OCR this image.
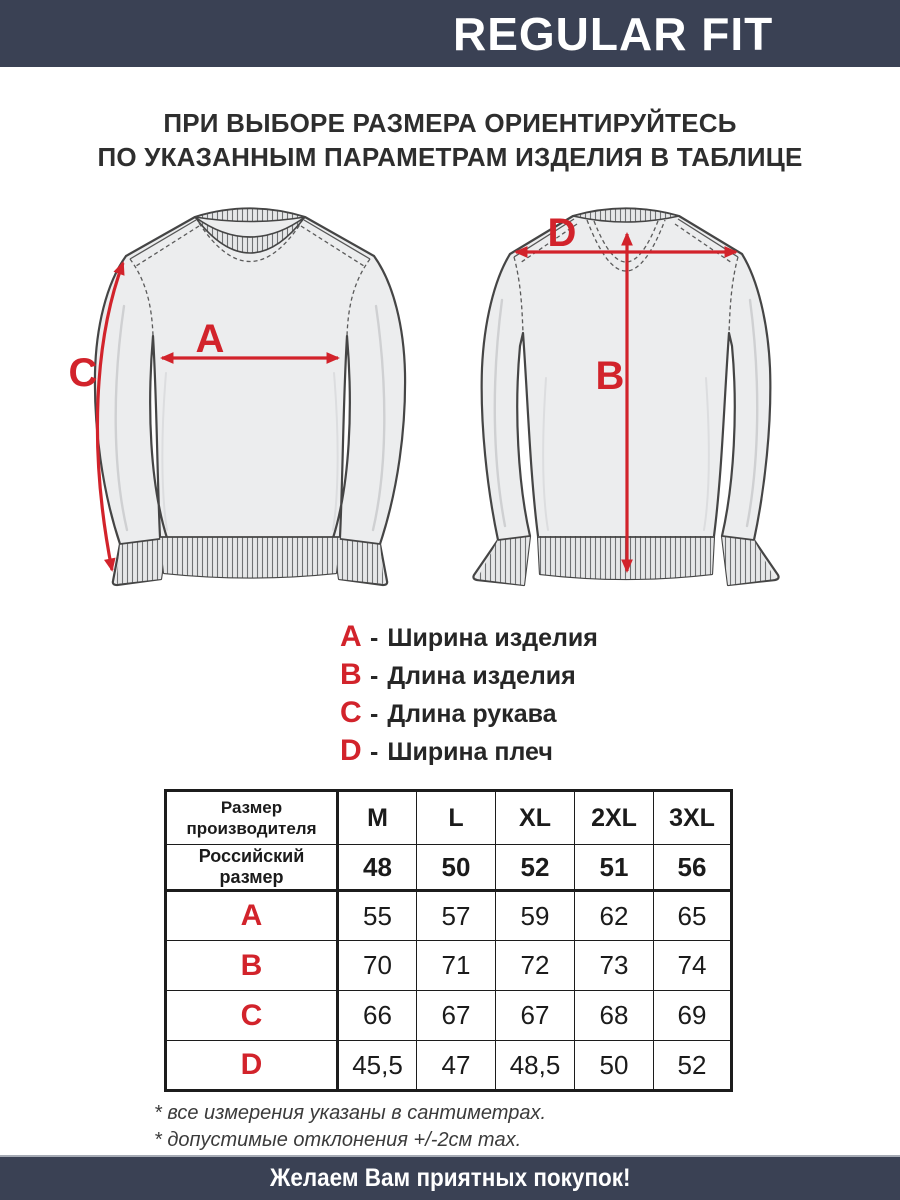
REGULAR FIT
ПРИ ВЫБОРЕ РАЗМЕРА ОРИЕНТИРУЙТЕСЬ
ПО УКАЗАННЫМ ПАРАМЕТРАМ ИЗДЕЛИЯ В ТАБЛИЦЕ
A
C
D
B
A - Ширина изделия
B - Длина изделия
C - Длина рукава
D - Ширина плеч
Размер
производителя	M	L	XL	2XL	3XL
Российский размер	48	50	52	51	56
A	55	57	59	62	65
B	70	71	72	73	74
C	66	67	67	68	69
D	45,5	47	48,5	50	52
* все измерения указаны в сантиметрах.
* допустимые отклонения +/-2см max.
Желаем Вам приятных покупок!
